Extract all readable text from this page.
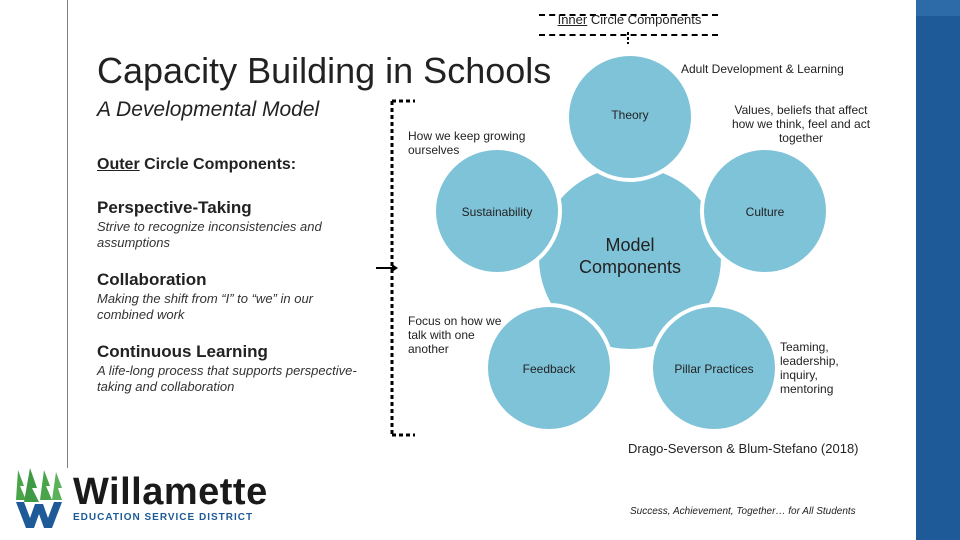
Inner Circle Components
Capacity Building in Schools
A Developmental Model
Outer Circle Components:
Perspective-Taking
Strive to recognize inconsistencies and assumptions
Collaboration
Making the shift from “I” to “we” in our combined work
Continuous Learning
A life-long process that supports perspective-taking and collaboration
Model Components
Theory
Culture
Pillar Practices
Feedback
Sustainability
Adult Development & Learning
Values, beliefs that affect how we think, feel and act together
Teaming, leadership, inquiry, mentoring
Focus on how we talk with one another
How we keep growing ourselves
Drago-Severson & Blum-Stefano (2018)
Success, Achievement, Together… for All Students
Willamette
EDUCATION SERVICE DISTRICT
